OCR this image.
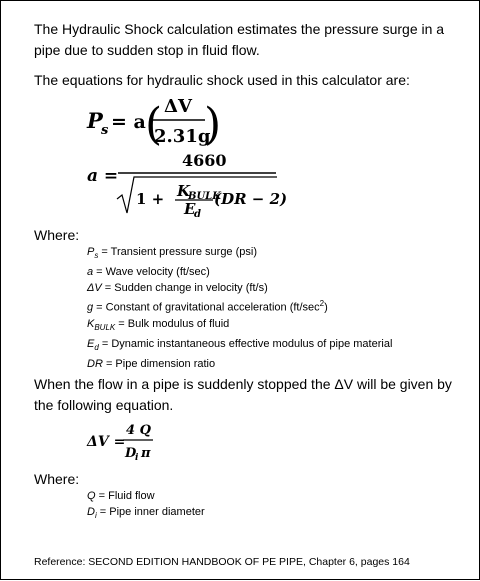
The Hydraulic Shock calculation estimates the pressure surge in a pipe due to sudden stop in fluid flow.
The equations for hydraulic shock used in this calculator are:
P
s = a ( ΔV
2.31g
)
a =
4660
1 + K
BULK
E
d
(DR − 2)
ΔV =
4 Q
D
i π
Where:
$P_s$ = Transient pressure surge (psi)
a = Wave velocity (ft/sec)
ΔV = Sudden change in velocity (ft/s)
g = Constant of gravitational acceleration $(ft/\sec^2)$
$K_{BULK}$ = Bulk modulus of fluid
$E_d$ = Dynamic instantaneous effective modulus of pipe material
DR = Pipe dimension ratio
When the flow in a pipe is suddenly stopped the ΔV will be given by the following equation.
Where:
Q = Fluid flow
$D_i$ = Pipe inner diameter
Reference: SECOND EDITION HANDBOOK OF PE PIPE, Chapter 6, pages 164
